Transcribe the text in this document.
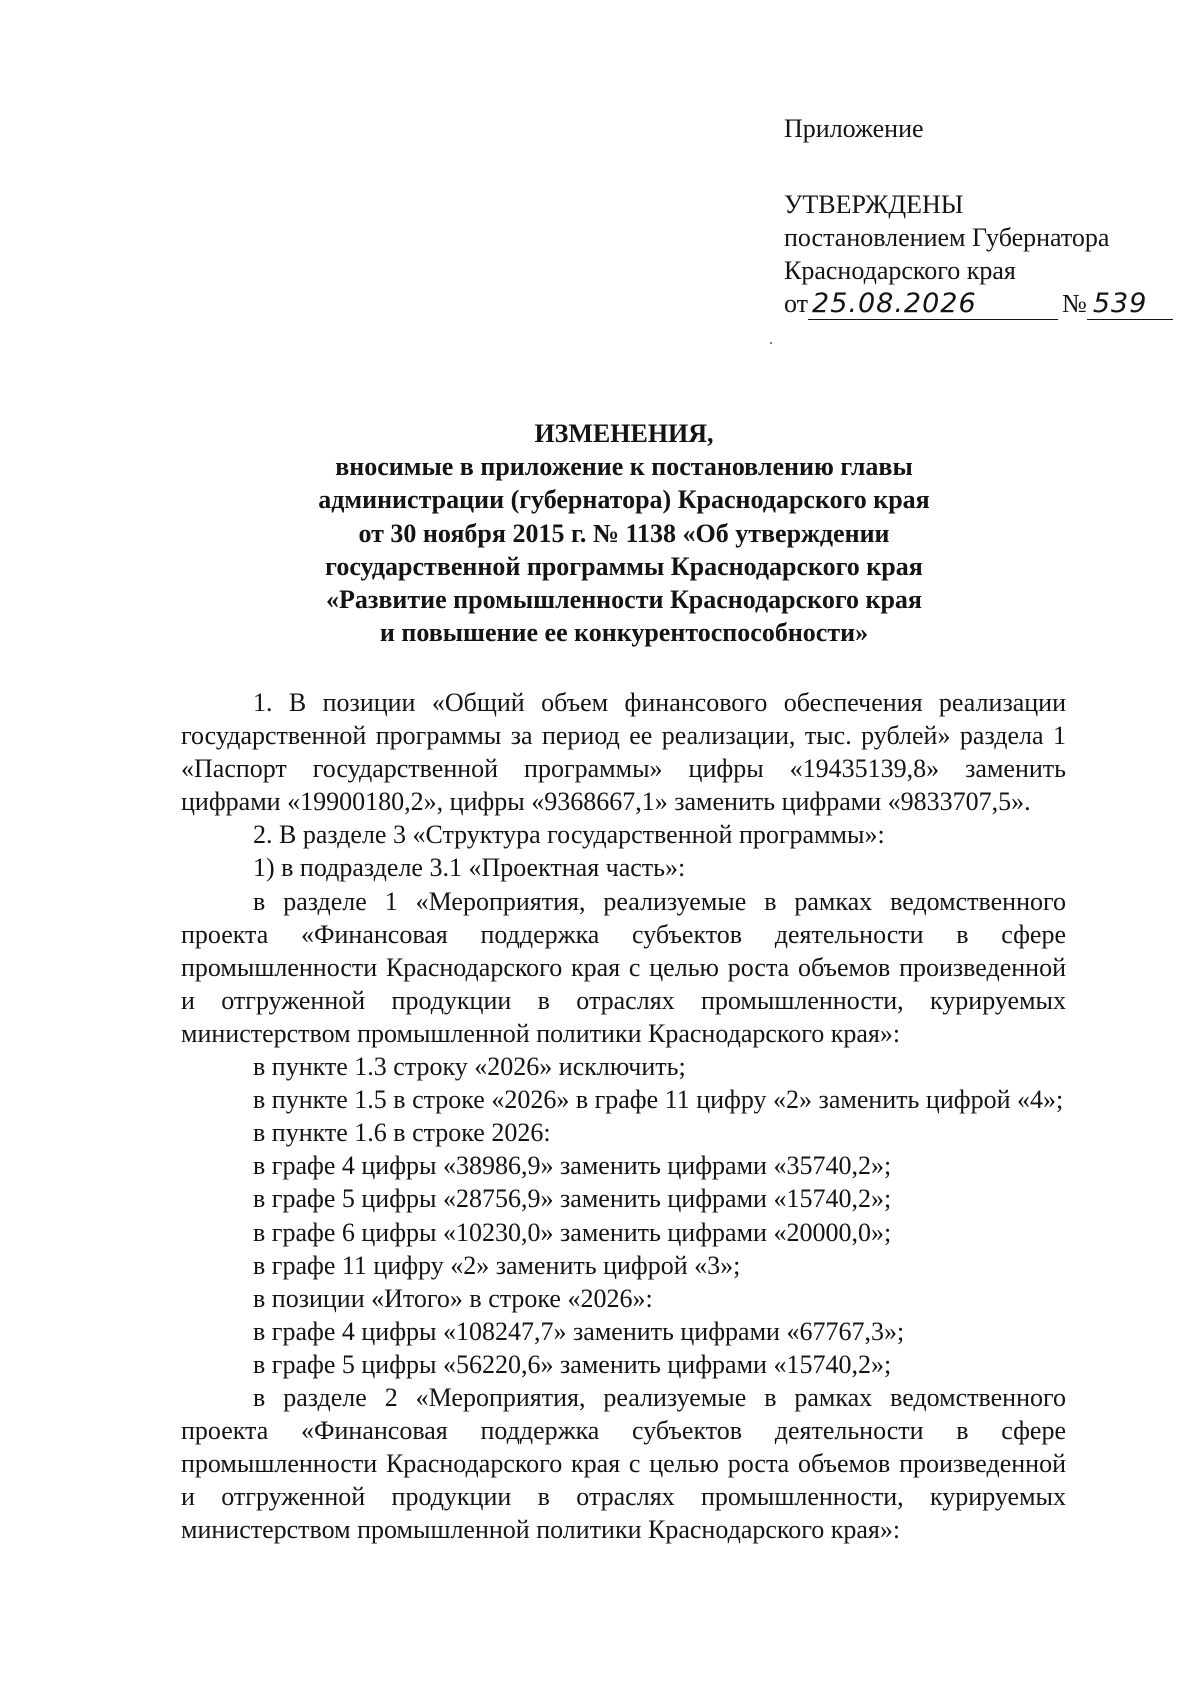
Приложение
УТВЕРЖДЕНЫ
постановлением Губернатора
Краснодарского края
от 25.08.2026	№ 539
ИЗМЕНЕНИЯ,
вносимые в приложение к постановлению главы
администрации (губернатора) Краснодарского края
от 30 ноября 2015 г. № 1138 «Об утверждении
государственной программы Краснодарского края
«Развитие промышленности Краснодарского края
и повышение ее конкурентоспособности»

1. В позиции «Общий объем финансового обеспечения реализации государственной программы за период ее реализации, тыс. рублей» раздела 1 «Паспорт государственной программы» цифры «19435139,8» заменить цифрами «19900180,2», цифры «9368667,1» заменить цифрами «9833707,5».

2. В разделе 3 «Структура государственной программы»:

1) в подразделе 3.1 «Проектная часть»:

в разделе 1 «Мероприятия, реализуемые в рамках ведомственного проекта «Финансовая поддержка субъектов деятельности в сфере промышленности Краснодарского края с целью роста объемов произведенной и отгруженной продукции в отраслях промышленности, курируемых министерством промышленной политики Краснодарского края»:

в пункте 1.3 строку «2026» исключить;

в пункте 1.5 в строке «2026» в графе 11 цифру «2» заменить цифрой «4»;

в пункте 1.6 в строке 2026:

в графе 4 цифры «38986,9» заменить цифрами «35740,2»;

в графе 5 цифры «28756,9» заменить цифрами «15740,2»;

в графе 6 цифры «10230,0» заменить цифрами «20000,0»;

в графе 11 цифру «2» заменить цифрой «3»;

в позиции «Итого» в строке «2026»:

в графе 4 цифры «108247,7» заменить цифрами «67767,3»;

в графе 5 цифры «56220,6» заменить цифрами «15740,2»;

в разделе 2 «Мероприятия, реализуемые в рамках ведомственного проекта «Финансовая поддержка субъектов деятельности в сфере промышленности Краснодарского края с целью роста объемов произведенной и отгруженной продукции в отраслях промышленности, курируемых министерством промышленной политики Краснодарского края»:
